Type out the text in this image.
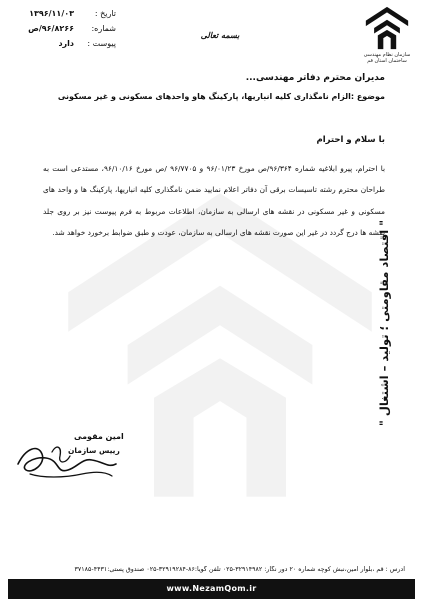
سازمان نظام مهندسی ساختمان استان قم
بسمه تعالی
تاریخ :
۱۳۹۶/۱۱/۰۳
شماره:
۹۶/۸۲۶۶/ص
پیوست :
دارد
مدیران محترم دفاتر مهندسی...
موضوع :الزام نامگذاری کلیه انباریها، پارکینگ هاو واحدهای مسکونی و غیر مسکونی
با سلام و احترام
با احترام، پیرو ابلاغیه شماره ۹۶/۳۶۴/ص مورخ ۹۶/۰۱/۲۳ و ۹۶/۷۷۰۵ /ص مورخ ۹۶/۱۰/۱۶، مستدعی است به طراحان محترم رشته تاسیسات برقی آن دفاتر اعلام نمایید ضمن نامگذاری کلیه انباریها، پارکینگ ها و واحد های مسکونی و غیر مسکونی در نقشه های ارسالی به سازمان، اطلاعات مربوط به فرم پیوست نیز بر روی جلد نقشه ها درج گردد در غیر این صورت نقشه های ارسالی به سازمان، عودت و طبق ضوابط برخورد خواهد شد.
امین مقومی
رییس سازمان
" اقتصاد مقاومتی ؛ تولید – اشتغال "
آدرس : قم ،بلوار امین،نبش کوچه شماره ۲۰ دور نگار: ۳۲۹۱۴۹۸۲-۰۲۵ تلفن گویا:۸۶-۳۲۹۱۹۲۸۴-۰۲۵ صندوق پستی:۴۴۳۱-۳۷۱۸۵
www.NezamQom.ir
